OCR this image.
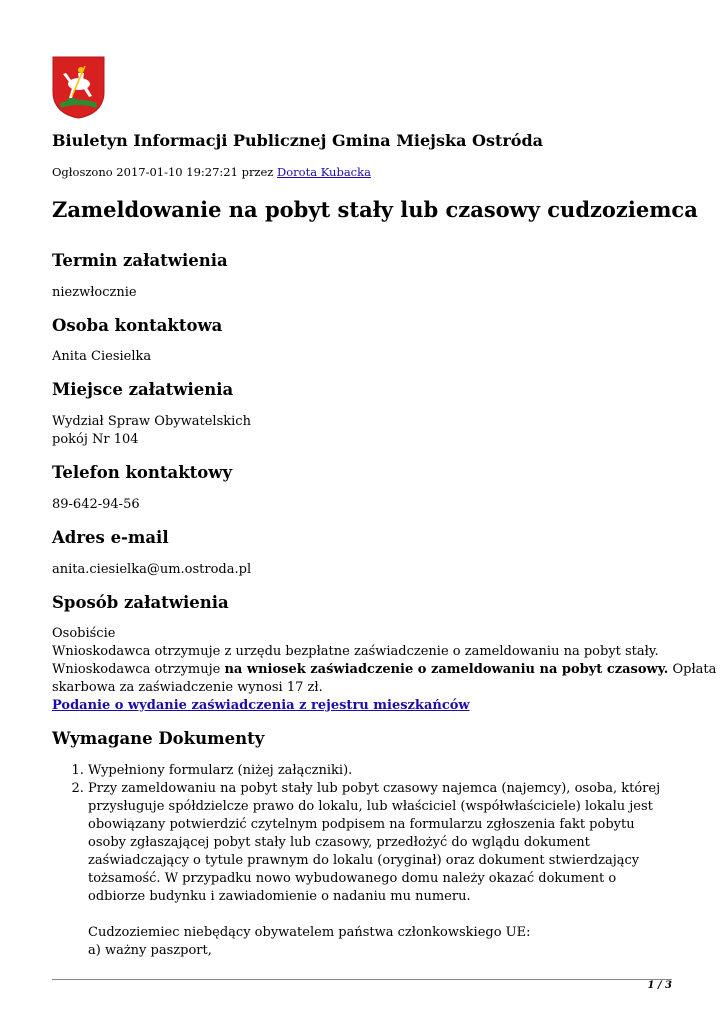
Biuletyn Informacji Publicznej Gmina Miejska Ostróda
Ogłoszono 2017-01-10 19:27:21 przez Dorota Kubacka
Zameldowanie na pobyt stały lub czasowy cudzoziemca
Termin załatwienia
niezwłocznie
Osoba kontaktowa
Anita Ciesielka
Miejsce załatwienia
Wydział Spraw Obywatelskich
pokój Nr 104
Telefon kontaktowy
89-642-94-56
Adres e-mail
anita.ciesielka@um.ostroda.pl
Sposób załatwienia
Osobiście
Wnioskodawca otrzymuje z urzędu bezpłatne zaświadczenie o zameldowaniu na pobyt stały.
Wnioskodawca otrzymuje na wniosek zaświadczenie o zameldowaniu na pobyt czasowy. Opłata
skarbowa za zaświadczenie wynosi 17 zł.
Podanie o wydanie zaświadczenia z rejestru mieszkańców
Wymagane Dokumenty
1. Wypełniony formularz (niżej załączniki).
2. Przy zameldowaniu na pobyt stały lub pobyt czasowy najemca (najemcy), osoba, której przysługuje spółdzielcze prawo do lokalu, lub właściciel (współwłaściciele) lokalu jest obowiązany potwierdzić czytelnym podpisem na formularzu zgłoszenia fakt pobytu osoby zgłaszającej pobyt stały lub czasowy, przedłożyć do wglądu dokument zaświadczający o tytule prawnym do lokalu (oryginał) oraz dokument stwierdzający tożsamość. W przypadku nowo wybudowanego domu należy okazać dokument o odbiorze budynku i zawiadomienie o nadaniu mu numeru.
Cudzoziemiec niebędący obywatelem państwa członkowskiego UE:
a) ważny paszport,
1 / 3
